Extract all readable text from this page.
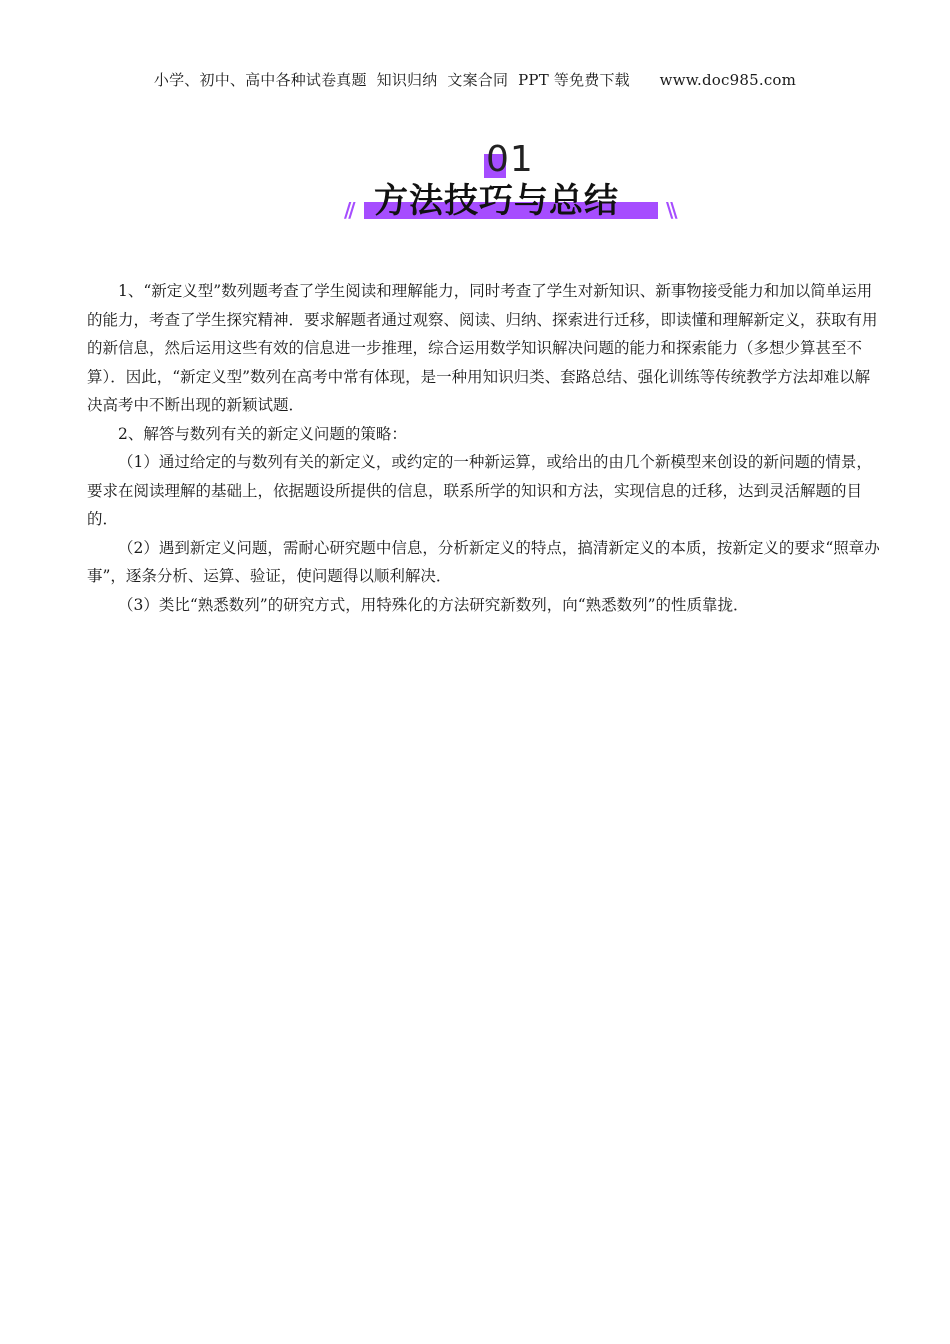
小学、初中、高中各种试卷真题  知识归纳  文案合同  PPT 等免费下载      www.doc985.com
01
// 方法技巧与总结 \\

1、“新定义型”数列题考查了学生阅读和理解能力，同时考查了学生对新知识、新事物接受能力和加以简单运用的能力，考查了学生探究精神．要求解题者通过观察、阅读、归纳、探索进行迁移，即读懂和理解新定义，获取有用的新信息，然后运用这些有效的信息进一步推理，综合运用数学知识解决问题的能力和探索能力（多想少算甚至不算）．因此，“新定义型”数列在高考中常有体现，是一种用知识归类、套路总结、强化训练等传统教学方法却难以解决高考中不断出现的新颖试题．

2、解答与数列有关的新定义问题的策略：

（1）通过给定的与数列有关的新定义，或约定的一种新运算，或给出的由几个新模型来创设的新问题的情景，要求在阅读理解的基础上，依据题设所提供的信息，联系所学的知识和方法，实现信息的迁移，达到灵活解题的目的．

（2）遇到新定义问题，需耐心研究题中信息，分析新定义的特点，搞清新定义的本质，按新定义的要求“照章办事”，逐条分析、运算、验证，使问题得以顺利解决．

（3）类比“熟悉数列”的研究方式，用特殊化的方法研究新数列，向“熟悉数列”的性质靠拢．
